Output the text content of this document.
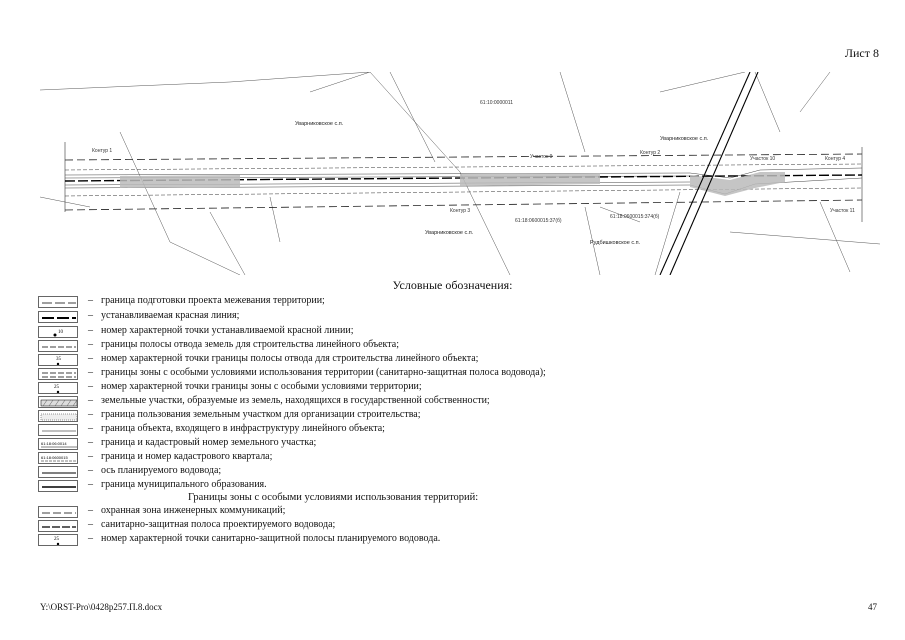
Лист 8
Уварниковское с.п.
Уварниковское с.п.
Уварниковское с.п.
Рудбишковское с.п.
Контур 1	Контур 2
Контур 3
Контур 4
Участок 9	Участок 10
Участок 11
61:10:0000011
61:18:0600015:374(б)
61:18:0600015:37(б)
Условные обозначения:
– граница подготовки проекта межевания территории;
– устанавливаемая красная линия;
10	– номер характерной точки устанавливаемой красной линии;
– границы полосы отвода земель для строительства линейного объекта;
35	– номер характерной точки границы полосы отвода для строительства линейного объекта;
– границы зоны с особыми условиями использования территории (санитарно-защитная полоса водовода);
25	– номер характерной точки границы зоны с особыми условиями территории;
– земельные участки, образуемые из земель, находящихся в государственной собственности;
– граница пользования земельным участком для организации строительства;
– граница объекта, входящего в инфраструктуру линейного объекта;
61:18:06:0014 – граница и кадастровый номер земельного участка;
61:18:0600015 – граница и номер кадастрового квартала;
– ось планируемого водовода;
– граница муниципального образования.
Границы зоны с особыми условиями использования территорий:
– охранная зона инженерных коммуникаций;
– санитарно-защитная полоса проектируемого водовода;
25	– номер характерной точки санитарно-защитной полосы планируемого водовода.
Y:\ORST-Pro\0428p257.П.8.docx	47
